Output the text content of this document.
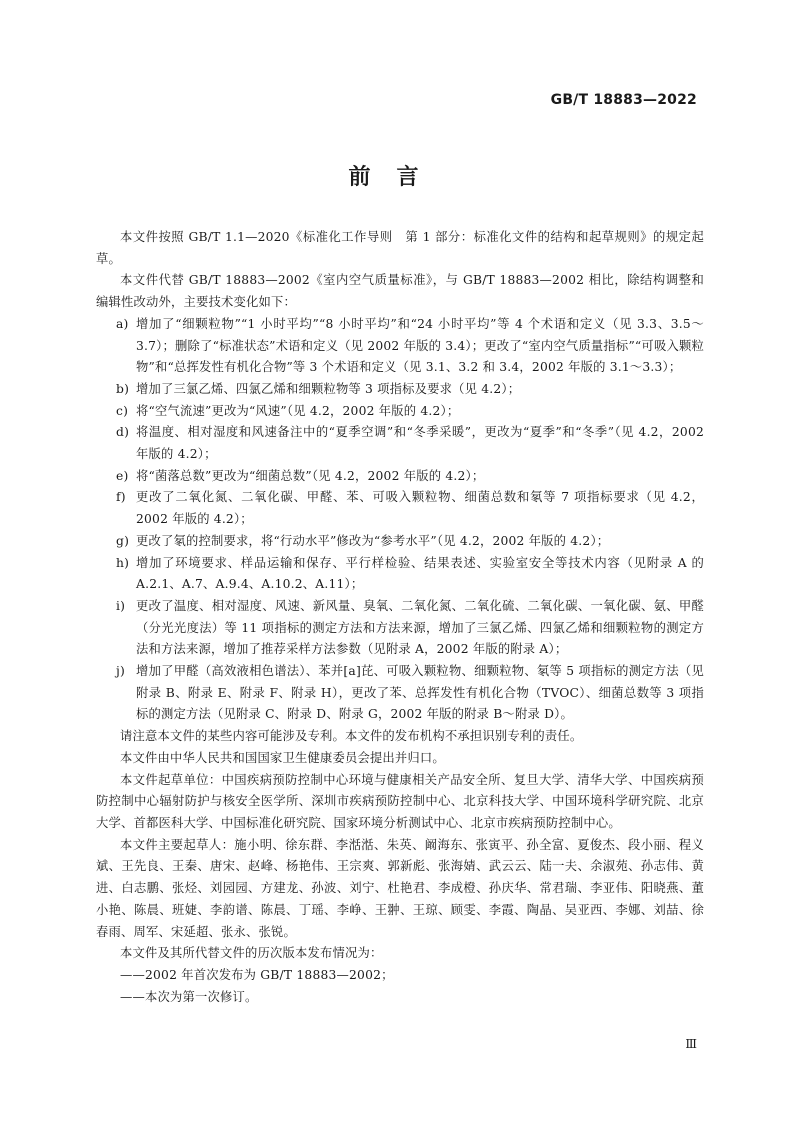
GB/T 18883—2022
前言

本文件按照 GB/T 1.1—2020《标准化工作导则　第 1 部分：标准化文件的结构和起草规则》的规定起草。

本文件代替 GB/T 18883—2002《室内空气质量标准》，与 GB/T 18883—2002 相比，除结构调整和编辑性改动外，主要技术变化如下：

a) 增加了“细颗粒物”“1 小时平均”“8 小时平均”和“24 小时平均”等 4 个术语和定义（见 3.3、3.5～3.7）；删除了“标准状态”术语和定义（见 2002 年版的 3.4）；更改了“室内空气质量指标”“可吸入颗粒物”和“总挥发性有机化合物”等 3 个术语和定义（见 3.1、3.2 和 3.4，2002 年版的 3.1～3.3）；

b) 增加了三氯乙烯、四氯乙烯和细颗粒物等 3 项指标及要求（见 4.2）；

c) 将“空气流速”更改为“风速”（见 4.2，2002 年版的 4.2）；

d) 将温度、相对湿度和风速备注中的“夏季空调”和“冬季采暖”，更改为“夏季”和“冬季”（见 4.2，2002 年版的 4.2）；

e) 将“菌落总数”更改为“细菌总数”（见 4.2，2002 年版的 4.2）；

f) 更改了二氧化氮、二氧化碳、甲醛、苯、可吸入颗粒物、细菌总数和氡等 7 项指标要求（见 4.2，2002 年版的 4.2）；

g) 更改了氡的控制要求，将“行动水平”修改为“参考水平”（见 4.2，2002 年版的 4.2）；

h) 增加了环境要求、样品运输和保存、平行样检验、结果表述、实验室安全等技术内容（见附录 A 的 A.2.1、A.7、A.9.4、A.10.2、A.11）；

i) 更改了温度、相对湿度、风速、新风量、臭氧、二氧化氮、二氧化硫、二氧化碳、一氧化碳、氨、甲醛（分光光度法）等 11 项指标的测定方法和方法来源，增加了三氯乙烯、四氯乙烯和细颗粒物的测定方法和方法来源，增加了推荐采样方法参数（见附录 A，2002 年版的附录 A）；

j) 增加了甲醛（高效液相色谱法）、苯并[a]芘、可吸入颗粒物、细颗粒物、氡等 5 项指标的测定方法（见附录 B、附录 E、附录 F、附录 H），更改了苯、总挥发性有机化合物（TVOC）、细菌总数等 3 项指标的测定方法（见附录 C、附录 D、附录 G，2002 年版的附录 B～附录 D）。

请注意本文件的某些内容可能涉及专利。本文件的发布机构不承担识别专利的责任。

本文件由中华人民共和国国家卫生健康委员会提出并归口。

本文件起草单位：中国疾病预防控制中心环境与健康相关产品安全所、复旦大学、清华大学、中国疾病预防控制中心辐射防护与核安全医学所、深圳市疾病预防控制中心、北京科技大学、中国环境科学研究院、北京大学、首都医科大学、中国标准化研究院、国家环境分析测试中心、北京市疾病预防控制中心。

本文件主要起草人：施小明、徐东群、李湉湉、朱英、阚海东、张寅平、孙全富、夏俊杰、段小丽、程义斌、王先良、王秦、唐宋、赵峰、杨艳伟、王宗爽、郭新彪、张海婧、武云云、陆一夫、余淑苑、孙志伟、黄进、白志鹏、张烃、刘园园、方建龙、孙波、刘宁、杜艳君、李成橙、孙庆华、常君瑞、李亚伟、阳晓燕、董小艳、陈晨、班婕、李韵谱、陈晨、丁瑶、李峥、王翀、王琼、顾雯、李霞、陶晶、吴亚西、李娜、刘喆、徐春雨、周军、宋延超、张永、张锐。

本文件及其所代替文件的历次版本发布情况为：

——2002 年首次发布为 GB/T 18883—2002；

——本次为第一次修订。

Ⅲ
